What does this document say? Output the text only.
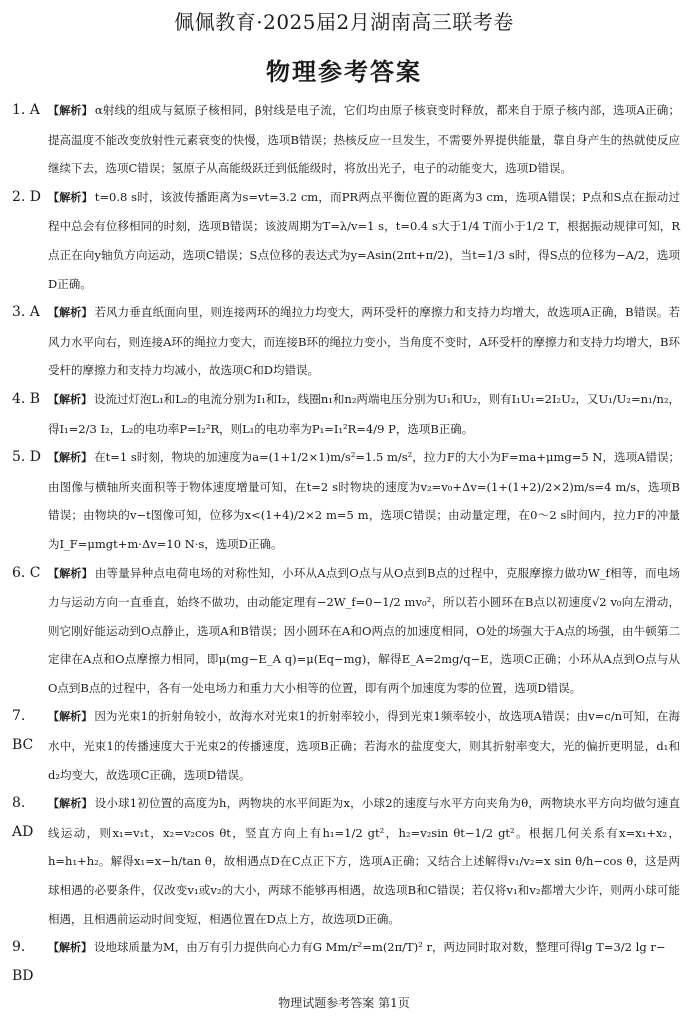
佩佩教育·2025届2月湖南高三联考卷
物理参考答案
1. A 【解析】 α射线的组成与氦原子核相同，β射线是电子流，它们均由原子核衰变时释放，都来自于原子核内部，选项A正确；提高温度不能改变放射性元素衰变的快慢，选项B错误；热核反应一旦发生，不需要外界提供能量，靠自身产生的热就使反应继续下去，选项C错误；氢原子从高能级跃迁到低能级时，将放出光子，电子的动能变大，选项D错误。
2. D 【解析】 t=0.8 s时，该波传播距离为s=vt=3.2 cm，而PR两点平衡位置的距离为3 cm，选项A错误；P点和S点在振动过程中总会有位移相同的时刻，选项B错误；该波周期为T=λ/v=1 s，t=0.4 s大于1/4 T而小于1/2 T，根据振动规律可知，R点正在向y轴负方向运动，选项C错误；S点位移的表达式为y=Asin(2πt+π/2)，当t=1/3 s时，得S点的位移为−A/2，选项D正确。
3. A 【解析】 若风力垂直纸面向里，则连接两环的绳拉力均变大，两环受杆的摩擦力和支持力均增大，故选项A正确，B错误。若风力水平向右，则连接A环的绳拉力变大，而连接B环的绳拉力变小，当角度不变时，A环受杆的摩擦力和支持力均增大，B环受杆的摩擦力和支持力均减小，故选项C和D均错误。
4. B 【解析】 设流过灯泡L₁和L₂的电流分别为I₁和I₂，线圈n₁和n₂两端电压分别为U₁和U₂，则有I₁U₁=2I₂U₂，又U₁/U₂=n₁/n₂，得I₁=2/3 I₂，L₂的电功率P=I₂²R，则L₁的电功率为P₁=I₁²R=4/9 P，选项B正确。
5. D 【解析】 在t=1 s时刻，物块的加速度为a=(1+1/2×1)m/s²=1.5 m/s²，拉力F的大小为F=ma+μmg=5 N，选项A错误；由图像与横轴所夹面积等于物体速度增量可知，在t=2 s时物块的速度为v₂=v₀+Δv=(1+(1+2)/2×2)m/s=4 m/s，选项B错误；由物块的v−t图像可知，位移为x<(1+4)/2×2 m=5 m，选项C错误；由动量定理，在0～2 s时间内，拉力F的冲量为I_F=μmgt+m·Δv=10 N·s，选项D正确。
6. C 【解析】 由等量异种点电荷电场的对称性知，小环从A点到O点与从O点到B点的过程中，克服摩擦力做功W_f相等，而电场力与运动方向一直垂直，始终不做功，由动能定理有−2W_f=0−1/2 mv₀²，所以若小圆环在B点以初速度√2 v₀向左滑动，则它刚好能运动到O点静止，选项A和B错误；因小圆环在A和O两点的加速度相同，O处的场强大于A点的场强，由牛顿第二定律在A点和O点摩擦力相同，即μ(mg−E_A q)=μ(Eq−mg)，解得E_A=2mg/q−E，选项C正确；小环从A点到O点与从O点到B点的过程中，各有一处电场力和重力大小相等的位置，即有两个加速度为零的位置，选项D错误。
7. BC
【解析】 因为光束1的折射角较小，故海水对光束1的折射率较小，得到光束1频率较小，故选项A错误；由v=c/n可知，在海水中，光束1的传播速度大于光束2的传播速度，选项B正确；若海水的盐度变大，则其折射率变大，光的偏折更明显，d₁和d₂均变大，故选项C正确，选项D错误。
8. AD
【解析】 设小球1初位置的高度为h，两物块的水平间距为x，小球2的速度与水平方向夹角为θ，两物块水平方向均做匀速直线运动，则x₁=v₁t，x₂=v₂cos θt，竖直方向上有h₁=1/2 gt²，h₂=v₂sin θt−1/2 gt²。根据几何关系有x=x₁+x₂，h=h₁+h₂。解得x₁=x−h/tan θ，故相遇点D在C点正下方，选项A正确；又结合上述解得v₁/v₂=x sin θ/h−cos θ，这是两球相遇的必要条件，仅改变v₁或v₂的大小，两球不能够再相遇，故选项B和C错误；若仅将v₁和v₂都增大少许，则两小球可能相遇，且相遇前运动时间变短，相遇位置在D点上方，故选项D正确。
9. BD
【解析】 设地球质量为M，由万有引力提供向心力有G Mm/r²=m(2π/T)² r，两边同时取对数，整理可得lg T=3/2 lg r−
物理试题参考答案 第1页
